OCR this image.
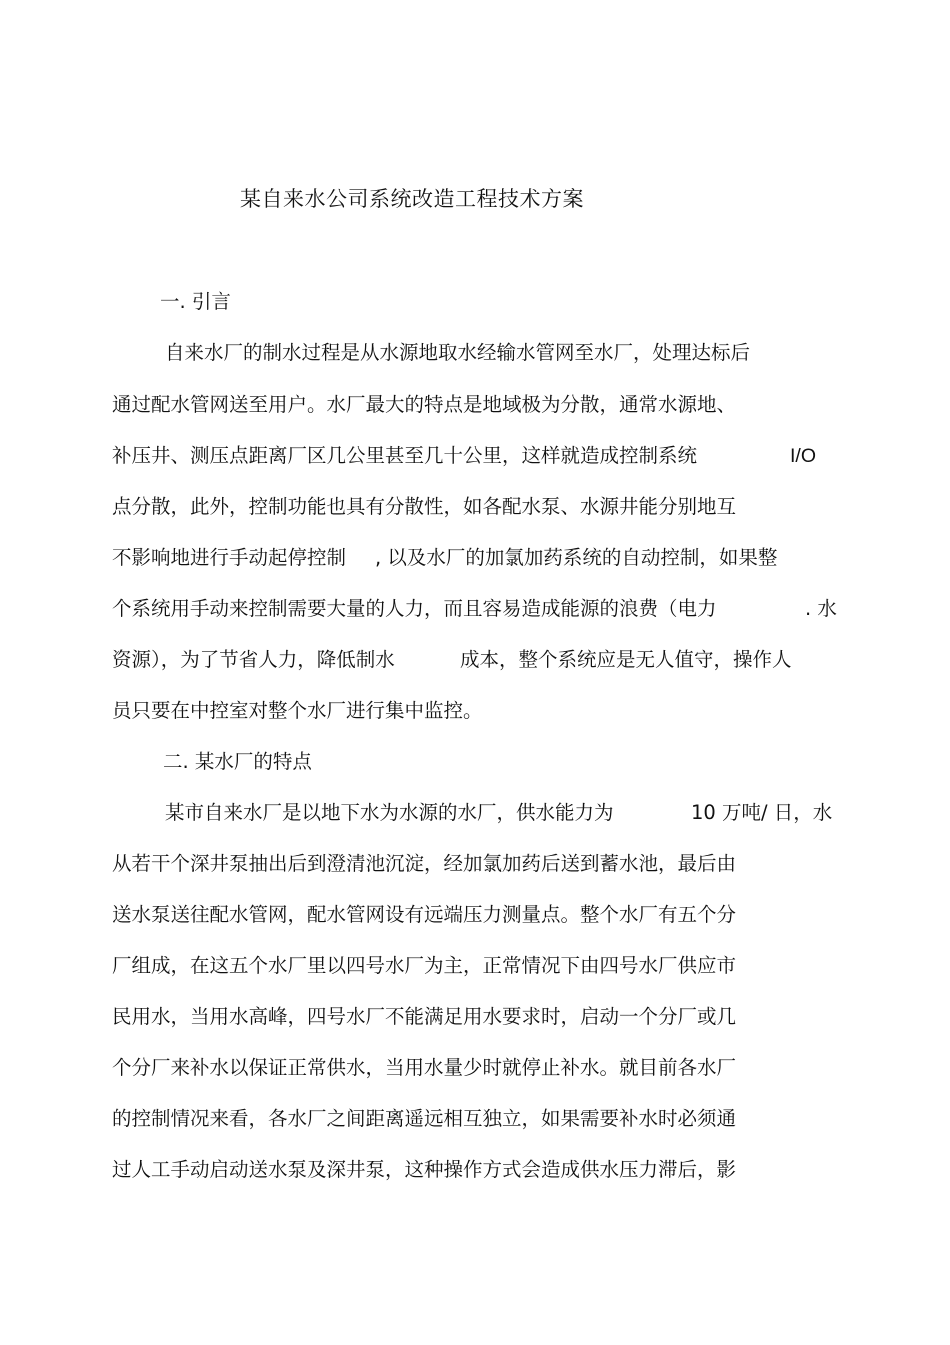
某自来水公司系统改造工程技术方案
一. 引言
自来水厂的制水过程是从水源地取水经输水管网至水厂，处理达标后
通过配水管网送至用户。水厂最大的特点是地域极为分散，通常水源地、
补压井、测压点距离厂区几公里甚至几十公里，这样就造成控制系统	I/O
点分散，此外，控制功能也具有分散性，如各配水泵、水源井能分别地互
不影响地进行手动起停控制 , 以及水厂的加氯加药系统的自动控制，如果整
个系统用手动来控制需要大量的人力，而且容易造成能源的浪费（电力	. 水
资源），为了节省人力，降低制水	成本，整个系统应是无人值守，操作人
员只要在中控室对整个水厂进行集中监控。
二. 某水厂的特点
某市自来水厂是以地下水为水源的水厂，供水能力为	10 万吨/ 日，水
从若干个深井泵抽出后到澄清池沉淀，经加氯加药后送到蓄水池，最后由
送水泵送往配水管网，配水管网设有远端压力测量点。整个水厂有五个分
厂组成，在这五个水厂里以四号水厂为主，正常情况下由四号水厂供应市
民用水，当用水高峰，四号水厂不能满足用水要求时，启动一个分厂或几
个分厂来补水以保证正常供水，当用水量少时就停止补水。就目前各水厂
的控制情况来看，各水厂之间距离遥远相互独立，如果需要补水时必须通
过人工手动启动送水泵及深井泵，这种操作方式会造成供水压力滞后，影
